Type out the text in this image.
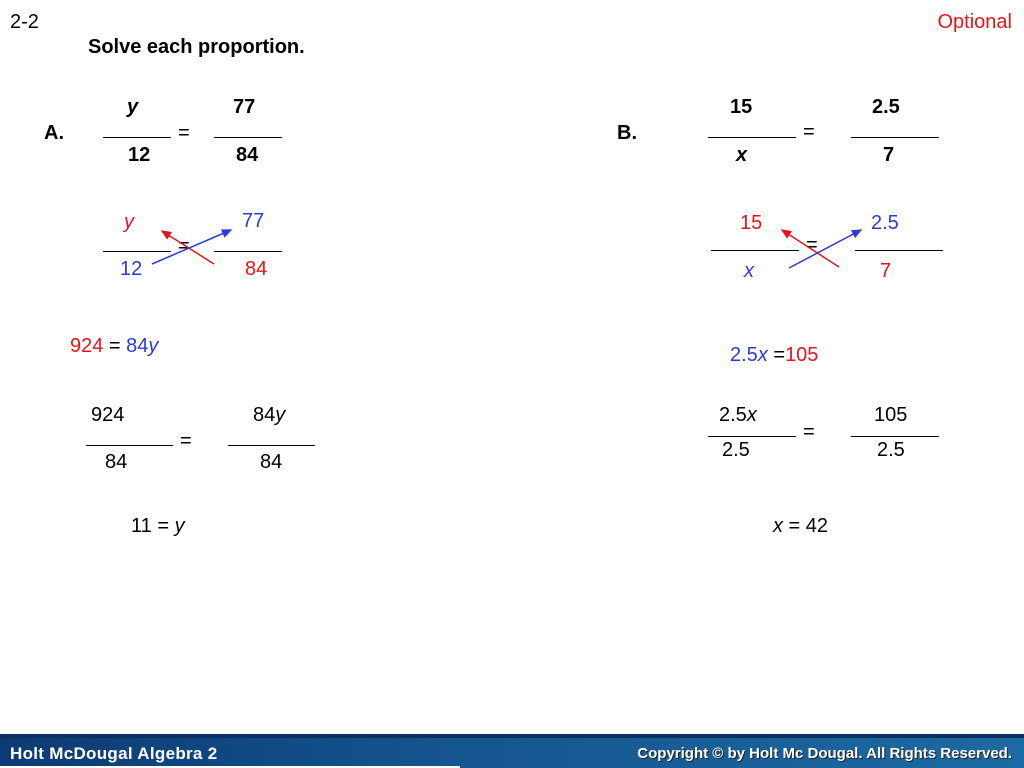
2-2	Optional
Solve each proportion.
A.
y
12
=
77
84
y
12
=
77
84
924 = 84y
924
84
=
84y
84
11 = y
B.
15
x
=
2.5
7
15
x
=
2.5
7
2.5x =105
2.5x
2.5
=
105
2.5
x = 42
Holt McDougal Algebra 2	Copyright © by Holt Mc Dougal. All Rights Reserved.
